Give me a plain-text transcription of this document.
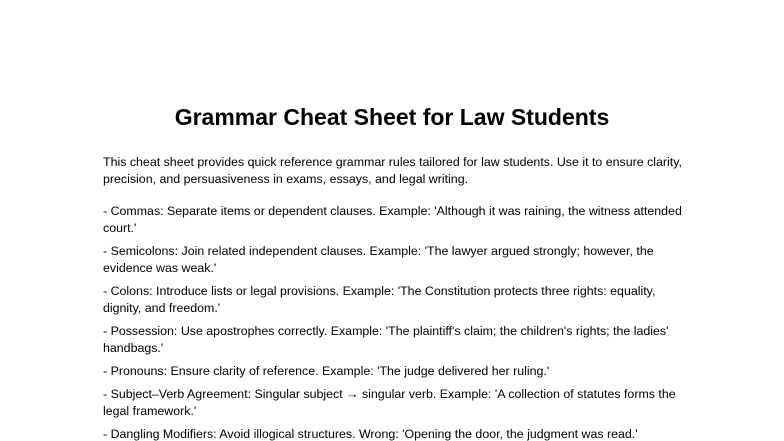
Grammar Cheat Sheet for Law Students

This cheat sheet provides quick reference grammar rules tailored for law students. Use it to ensure clarity, precision, and persuasiveness in exams, essays, and legal writing.

- Commas: Separate items or dependent clauses. Example: 'Although it was raining, the witness attended court.'

- Semicolons: Join related independent clauses. Example: 'The lawyer argued strongly; however, the evidence was weak.'

- Colons: Introduce lists or legal provisions. Example: 'The Constitution protects three rights: equality, dignity, and freedom.'

- Possession: Use apostrophes correctly. Example: 'The plaintiff's claim; the children's rights; the ladies' handbags.'

- Pronouns: Ensure clarity of reference. Example: 'The judge delivered her ruling.'

- Subject–Verb Agreement: Singular subject → singular verb. Example: 'A collection of statutes forms the legal framework.'

- Dangling Modifiers: Avoid illogical structures. Wrong: 'Opening the door, the judgment was read.'
